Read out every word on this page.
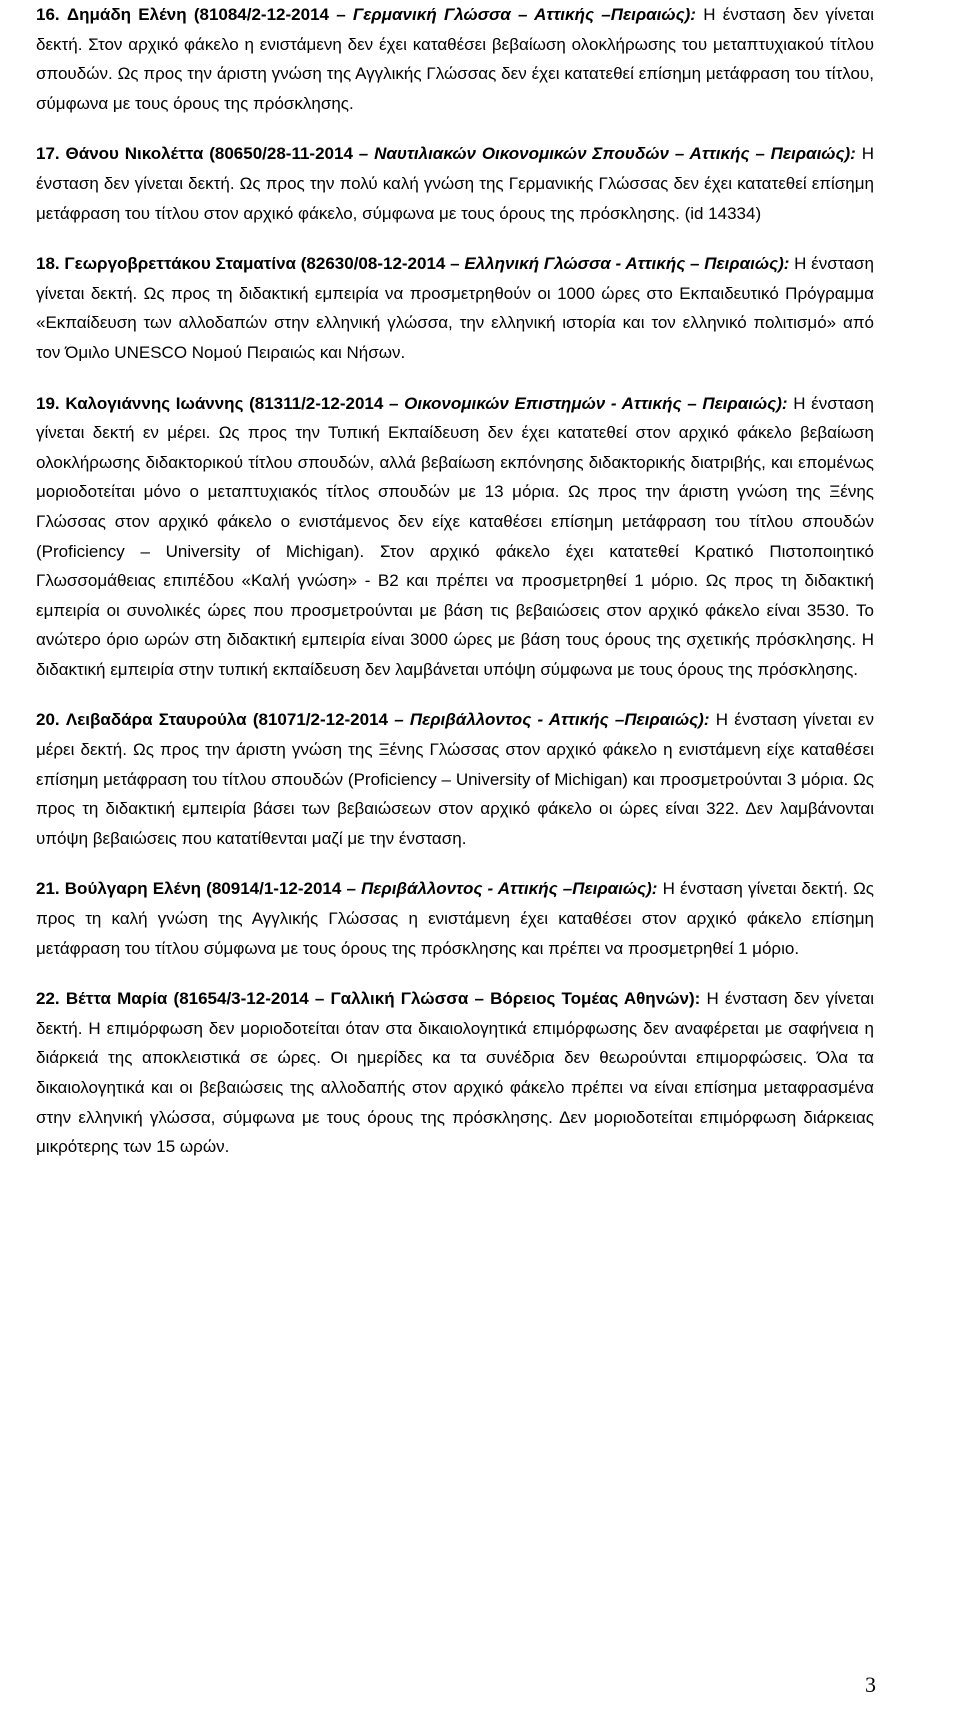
16. Δημάδη Ελένη (81084/2-12-2014 – Γερμανική Γλώσσα – Αττικής –Πειραιώς): Η ένσταση δεν γίνεται δεκτή. Στον αρχικό φάκελο η ενιστάμενη δεν έχει καταθέσει βεβαίωση ολοκλήρωσης του μεταπτυχιακού τίτλου σπουδών. Ως προς την άριστη γνώση της Αγγλικής Γλώσσας δεν έχει κατατεθεί επίσημη μετάφραση του τίτλου, σύμφωνα με τους όρους της πρόσκλησης.

17. Θάνου Νικολέττα (80650/28-11-2014 – Ναυτιλιακών Οικονομικών Σπουδών – Αττικής – Πειραιώς): Η ένσταση δεν γίνεται δεκτή. Ως προς την πολύ καλή γνώση της Γερμανικής Γλώσσας δεν έχει κατατεθεί επίσημη μετάφραση του τίτλου στον αρχικό φάκελο, σύμφωνα με τους όρους της πρόσκλησης. (id 14334)

18. Γεωργοβρεττάκου Σταματίνα (82630/08-12-2014 – Ελληνική Γλώσσα - Αττικής – Πειραιώς): Η ένσταση γίνεται δεκτή. Ως προς τη διδακτική εμπειρία να προσμετρηθούν οι 1000 ώρες στο Εκπαιδευτικό Πρόγραμμα «Εκπαίδευση των αλλοδαπών στην ελληνική γλώσσα, την ελληνική ιστορία και τον ελληνικό πολιτισμό» από τον Όμιλο UNESCO Νομού Πειραιώς και Νήσων.

19. Καλογιάννης Ιωάννης (81311/2-12-2014 – Οικονομικών Επιστημών - Αττικής – Πειραιώς): Η ένσταση γίνεται δεκτή εν μέρει. Ως προς την Τυπική Εκπαίδευση δεν έχει κατατεθεί στον αρχικό φάκελο βεβαίωση ολοκλήρωσης διδακτορικού τίτλου σπουδών, αλλά βεβαίωση εκπόνησης διδακτορικής διατριβής, και επομένως μοριοδοτείται μόνο ο μεταπτυχιακός τίτλος σπουδών με 13 μόρια. Ως προς την άριστη γνώση της Ξένης Γλώσσας στον αρχικό φάκελο ο ενιστάμενος δεν είχε καταθέσει επίσημη μετάφραση του τίτλου σπουδών (Proficiency – University of Michigan). Στον αρχικό φάκελο έχει κατατεθεί Κρατικό Πιστοποιητικό Γλωσσομάθειας επιπέδου «Καλή γνώση» - B2 και πρέπει να προσμετρηθεί 1 μόριο. Ως προς τη διδακτική εμπειρία οι συνολικές ώρες που προσμετρούνται με βάση τις βεβαιώσεις στον αρχικό φάκελο είναι 3530. Το ανώτερο όριο ωρών στη διδακτική εμπειρία είναι 3000 ώρες με βάση τους όρους της σχετικής πρόσκλησης. Η διδακτική εμπειρία στην τυπική εκπαίδευση δεν λαμβάνεται υπόψη σύμφωνα με τους όρους της πρόσκλησης.

20. Λειβαδάρα Σταυρούλα (81071/2-12-2014 – Περιβάλλοντος - Αττικής –Πειραιώς): Η ένσταση γίνεται εν μέρει δεκτή. Ως προς την άριστη γνώση της Ξένης Γλώσσας στον αρχικό φάκελο η ενιστάμενη είχε καταθέσει επίσημη μετάφραση του τίτλου σπουδών (Proficiency – University of Michigan) και προσμετρούνται 3 μόρια. Ως προς τη διδακτική εμπειρία βάσει των βεβαιώσεων στον αρχικό φάκελο οι ώρες είναι 322. Δεν λαμβάνονται υπόψη βεβαιώσεις που κατατίθενται μαζί με την ένσταση.

21. Βούλγαρη Ελένη (80914/1-12-2014 – Περιβάλλοντος - Αττικής –Πειραιώς): Η ένσταση γίνεται δεκτή. Ως προς τη καλή γνώση της Αγγλικής Γλώσσας η ενιστάμενη έχει καταθέσει στον αρχικό φάκελο επίσημη μετάφραση του τίτλου σύμφωνα με τους όρους της πρόσκλησης και πρέπει να προσμετρηθεί 1 μόριο.

22. Βέττα Μαρία (81654/3-12-2014 – Γαλλική Γλώσσα – Βόρειος Τομέας Αθηνών): Η ένσταση δεν γίνεται δεκτή. Η επιμόρφωση δεν μοριοδοτείται όταν στα δικαιολογητικά επιμόρφωσης δεν αναφέρεται με σαφήνεια η διάρκειά της αποκλειστικά σε ώρες. Οι ημερίδες κα τα συνέδρια δεν θεωρούνται επιμορφώσεις. Όλα τα δικαιολογητικά και οι βεβαιώσεις της αλλοδαπής στον αρχικό φάκελο πρέπει να είναι επίσημα μεταφρασμένα στην ελληνική γλώσσα, σύμφωνα με τους όρους της πρόσκλησης. Δεν μοριοδοτείται επιμόρφωση διάρκειας μικρότερης των 15 ωρών.

3
